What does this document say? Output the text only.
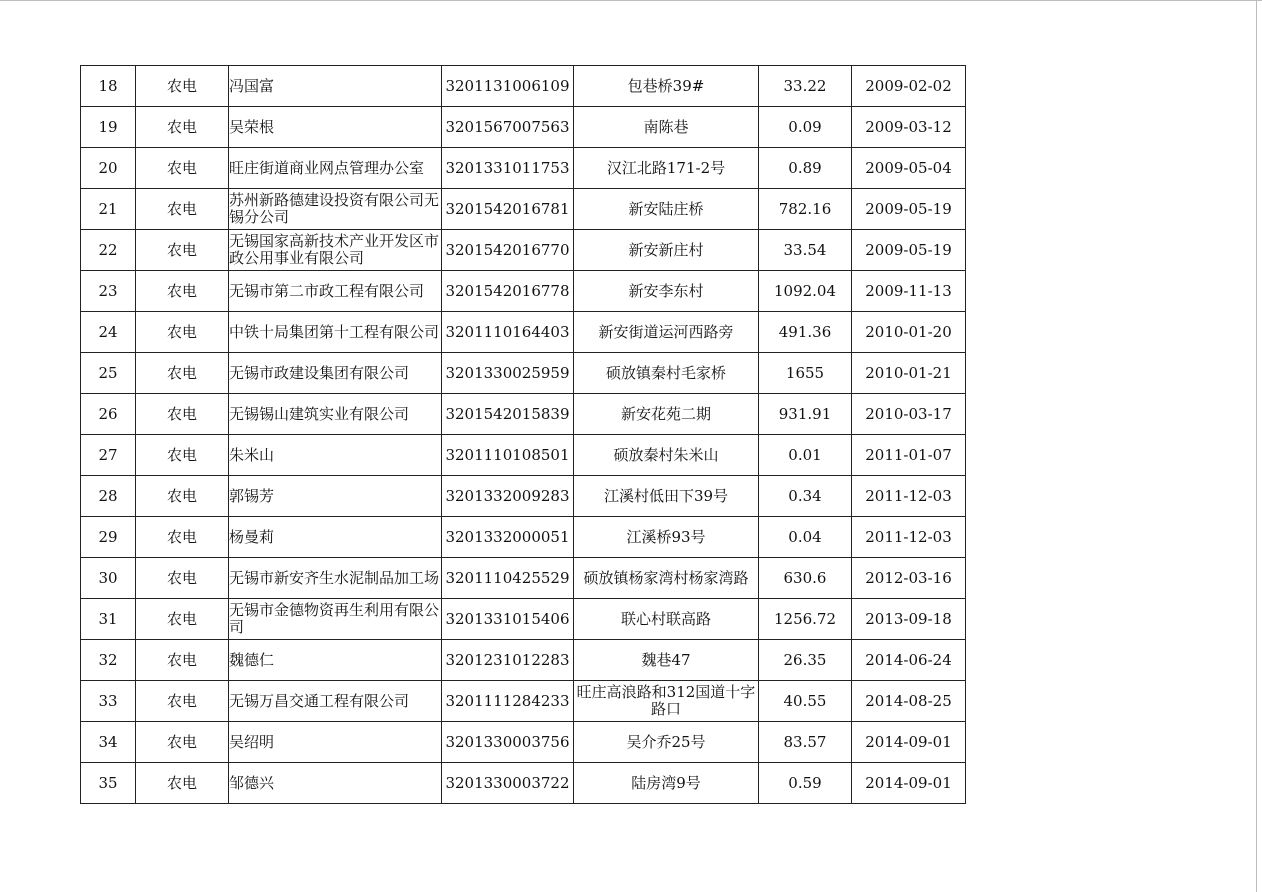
18	农电	冯国富	3201131006109	包巷桥39#	33.22	2009-02-02
19	农电	吴荣根	3201567007563	南陈巷	0.09	2009-03-12
20	农电	旺庄街道商业网点管理办公室	3201331011753	汉江北路171-2号	0.89	2009-05-04
21	农电	苏州新路德建设投资有限公司无锡分公司	3201542016781	新安陆庄桥	782.16	2009-05-19
22	农电	无锡国家高新技术产业开发区市政公用事业有限公司	3201542016770	新安新庄村	33.54	2009-05-19
23	农电	无锡市第二市政工程有限公司	3201542016778	新安李东村	1092.04	2009-11-13
24	农电	中铁十局集团第十工程有限公司	3201110164403	新安街道运河西路旁	491.36	2010-01-20
25	农电	无锡市政建设集团有限公司	3201330025959	硕放镇秦村毛家桥	1655	2010-01-21
26	农电	无锡锡山建筑实业有限公司	3201542015839	新安花苑二期	931.91	2010-03-17
27	农电	朱米山	3201110108501	硕放秦村朱米山	0.01	2011-01-07
28	农电	郭锡芳	3201332009283	江溪村低田下39号	0.34	2011-12-03
29	农电	杨曼莉	3201332000051	江溪桥93号	0.04	2011-12-03
30	农电	无锡市新安齐生水泥制品加工场	3201110425529	硕放镇杨家湾村杨家湾路	630.6	2012-03-16
31	农电	无锡市金德物资再生利用有限公司	3201331015406	联心村联高路	1256.72	2013-09-18
32	农电	魏德仁	3201231012283	魏巷47	26.35	2014-06-24
33	农电	无锡万昌交通工程有限公司	3201111284233	旺庄高浪路和312国道十字路口	40.55	2014-08-25
34	农电	吴绍明	3201330003756	吴介乔25号	83.57	2014-09-01
35	农电	邹德兴	3201330003722	陆房湾9号	0.59	2014-09-01
